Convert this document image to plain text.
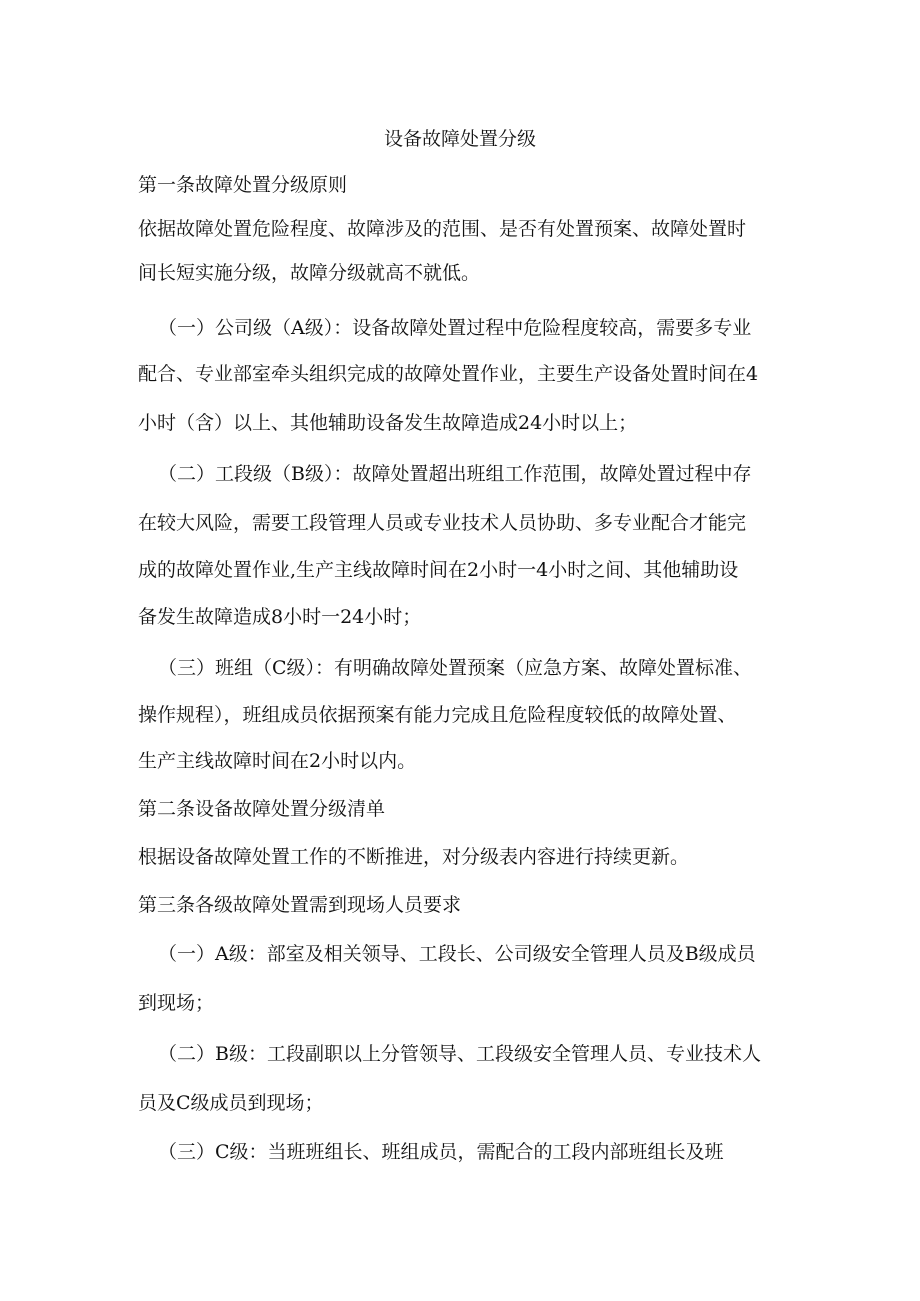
设备故障处置分级
第一条故障处置分级原则
依据故障处置危险程度、故障涉及的范围、是否有处置预案、故障处置时
间长短实施分级，故障分级就高不就低。
（一）公司级（A级）：设备故障处置过程中危险程度较高，需要多专业
配合、专业部室牵头组织完成的故障处置作业，主要生产设备处置时间在4
小时（含）以上、其他辅助设备发生故障造成24小时以上；
（二）工段级（B级）：故障处置超出班组工作范围，故障处置过程中存
在较大风险，需要工段管理人员或专业技术人员协助、多专业配合才能完
成的故障处置作业,生产主线故障时间在2小时一4小时之间、其他辅助设
备发生故障造成8小时一24小时；
（三）班组（C级）：有明确故障处置预案（应急方案、故障处置标准、
操作规程），班组成员依据预案有能力完成且危险程度较低的故障处置、
生产主线故障时间在2小时以内。
第二条设备故障处置分级清单
根据设备故障处置工作的不断推进，对分级表内容进行持续更新。
第三条各级故障处置需到现场人员要求
（一）A级：部室及相关领导、工段长、公司级安全管理人员及B级成员
到现场；
（二）B级：工段副职以上分管领导、工段级安全管理人员、专业技术人
员及C级成员到现场；
（三）C级：当班班组长、班组成员，需配合的工段内部班组长及班
